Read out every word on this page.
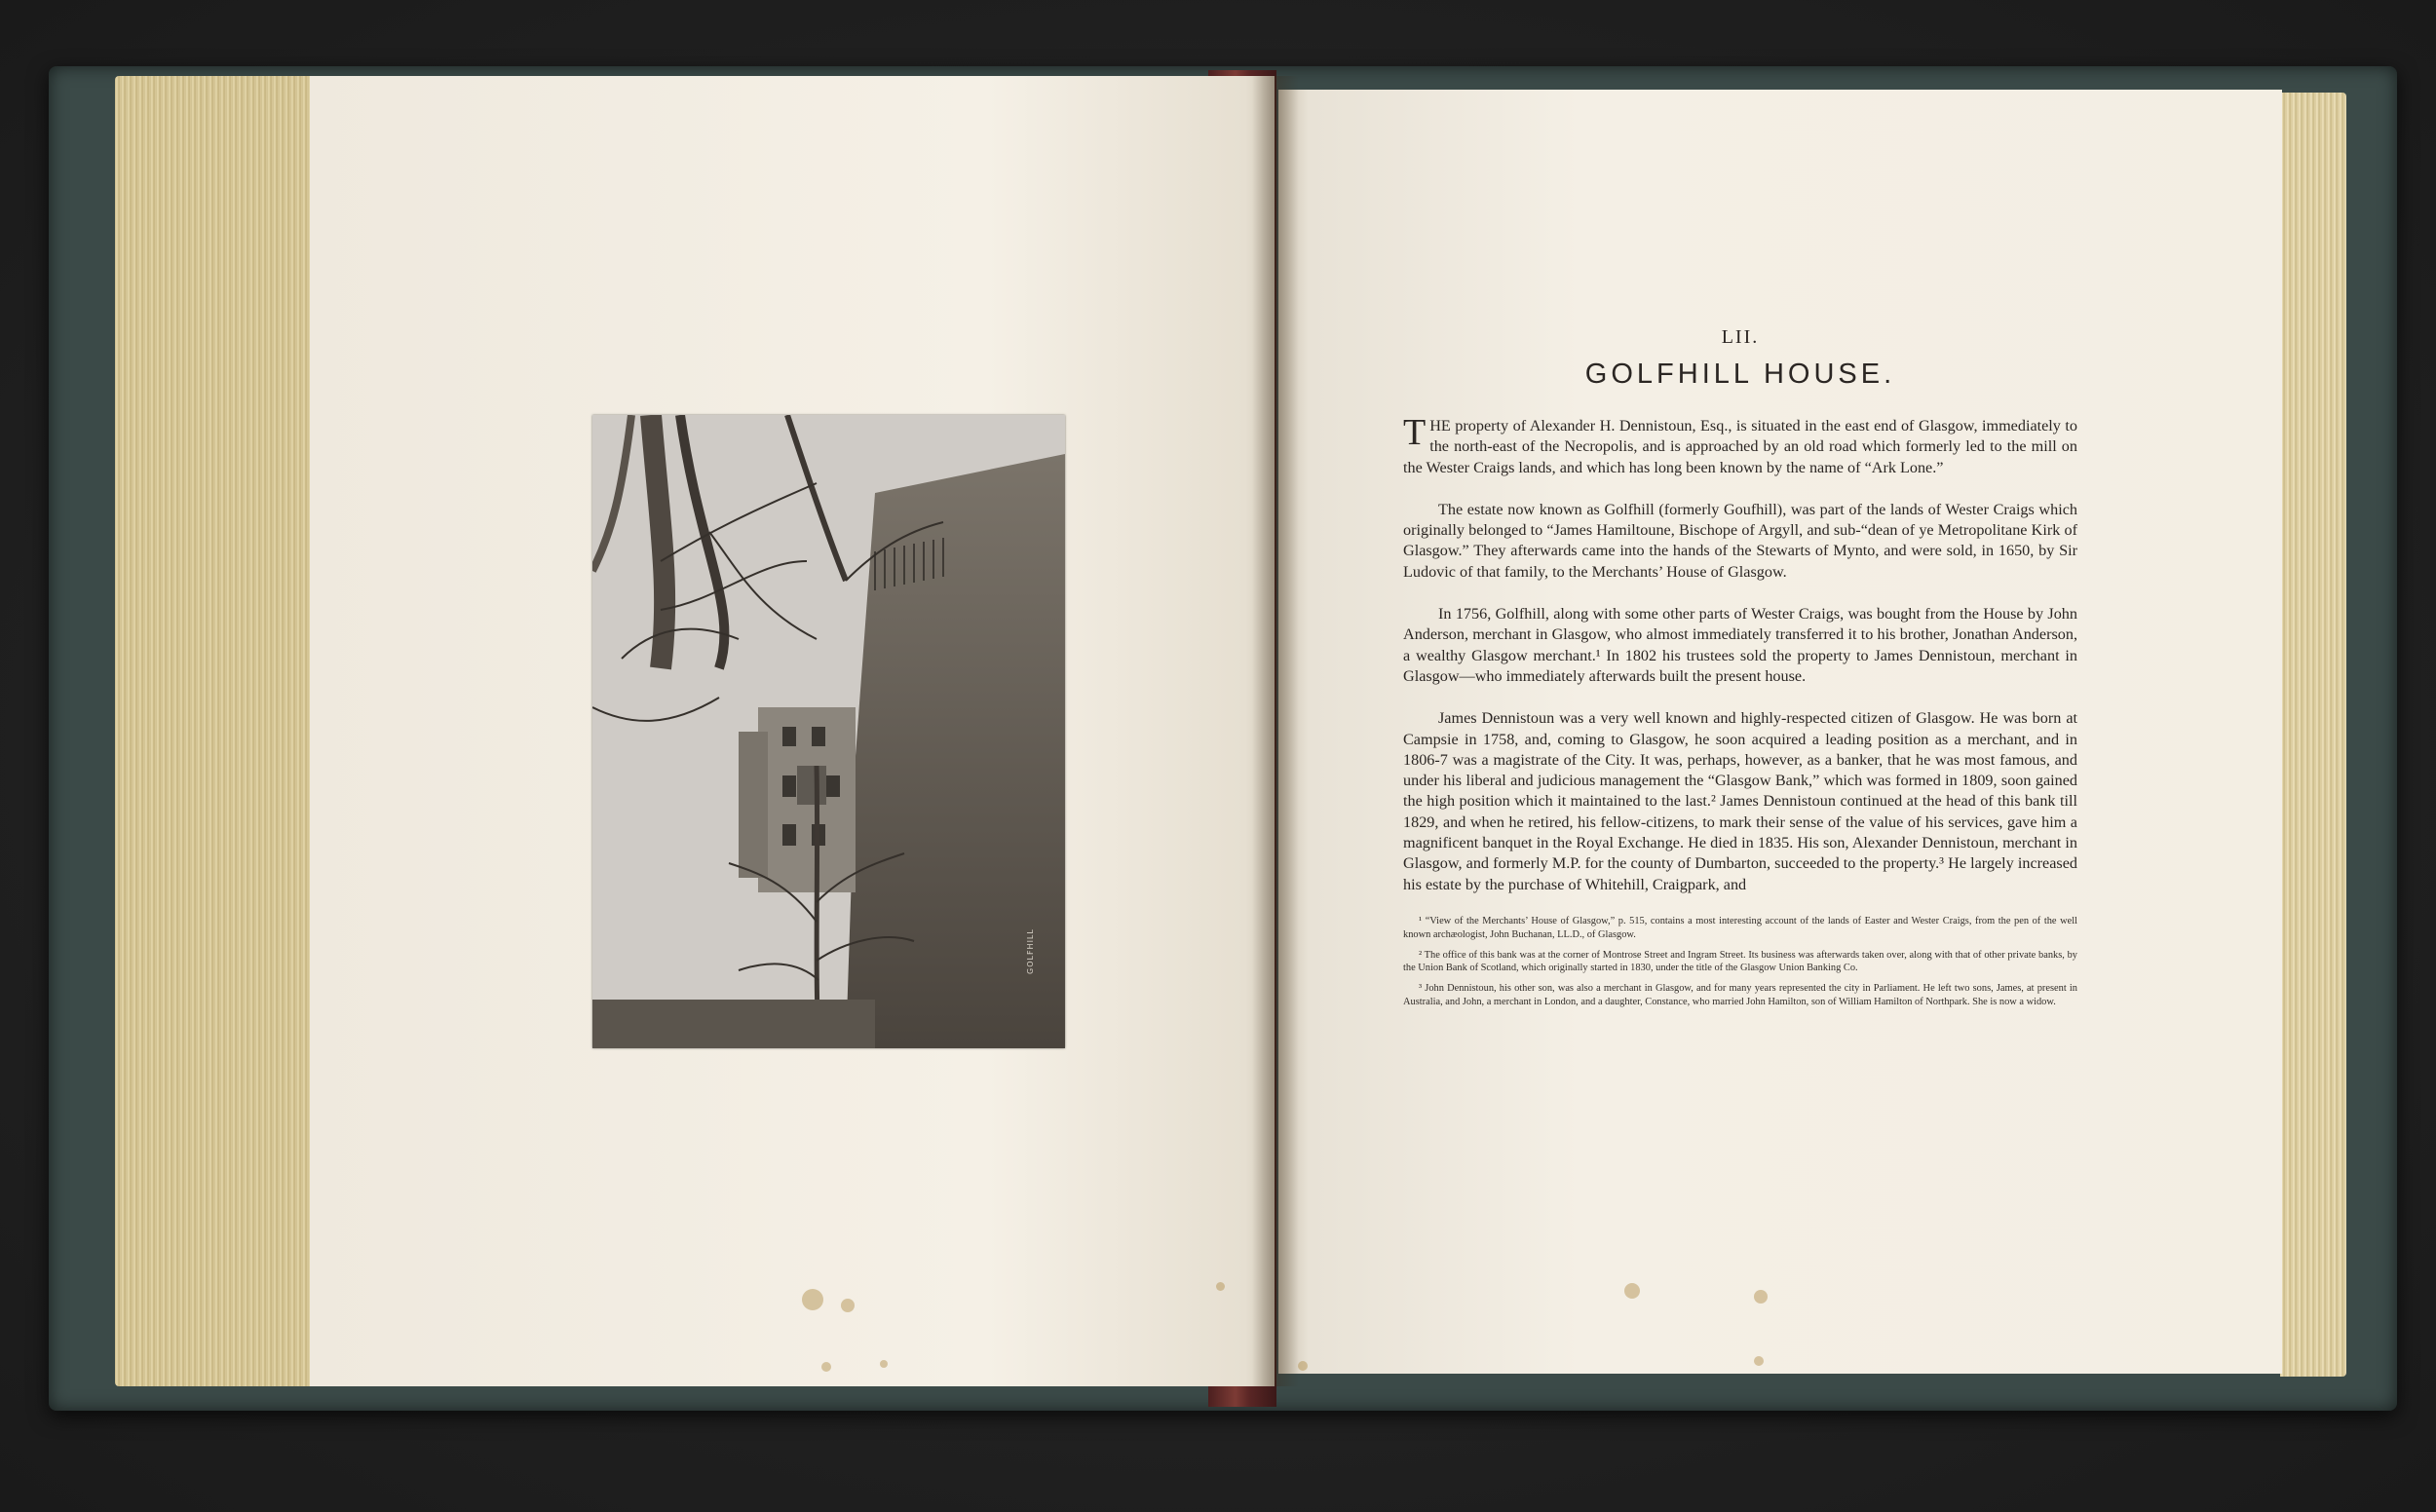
GOLFHILL

LII.

GOLFHILL HOUSE.

THE property of Alexander H. Dennistoun, Esq., is situated in the east end of Glasgow, immediately to the north-east of the Necropolis, and is approached by an old road which formerly led to the mill on the Wester Craigs lands, and which has long been known by the name of “Ark Lone.”

The estate now known as Golfhill (formerly Goufhill), was part of the lands of Wester Craigs which originally belonged to “James Hamiltoune, Bischope of Argyll, and sub-“dean of ye Metropolitane Kirk of Glasgow.” They afterwards came into the hands of the Stewarts of Mynto, and were sold, in 1650, by Sir Ludovic of that family, to the Merchants’ House of Glasgow.

In 1756, Golfhill, along with some other parts of Wester Craigs, was bought from the House by John Anderson, merchant in Glasgow, who almost immediately transferred it to his brother, Jonathan Anderson, a wealthy Glasgow merchant.¹ In 1802 his trustees sold the property to James Dennistoun, merchant in Glasgow—who immediately afterwards built the present house.

James Dennistoun was a very well known and highly-respected citizen of Glasgow. He was born at Campsie in 1758, and, coming to Glasgow, he soon acquired a leading position as a merchant, and in 1806-7 was a magistrate of the City. It was, perhaps, however, as a banker, that he was most famous, and under his liberal and judicious management the “Glasgow Bank,” which was formed in 1809, soon gained the high position which it maintained to the last.² James Dennistoun continued at the head of this bank till 1829, and when he retired, his fellow-citizens, to mark their sense of the value of his services, gave him a magnificent banquet in the Royal Exchange. He died in 1835. His son, Alexander Dennistoun, merchant in Glasgow, and formerly M.P. for the county of Dumbarton, succeeded to the property.³ He largely increased his estate by the purchase of Whitehill, Craigpark, and

¹ “View of the Merchants’ House of Glasgow,” p. 515, contains a most interesting account of the lands of Easter and Wester Craigs, from the pen of the well known archæologist, John Buchanan, LL.D., of Glasgow.

² The office of this bank was at the corner of Montrose Street and Ingram Street. Its business was afterwards taken over, along with that of other private banks, by the Union Bank of Scotland, which originally started in 1830, under the title of the Glasgow Union Banking Co.

³ John Dennistoun, his other son, was also a merchant in Glasgow, and for many years represented the city in Parliament. He left two sons, James, at present in Australia, and John, a merchant in London, and a daughter, Constance, who married John Hamilton, son of William Hamilton of Northpark. She is now a widow.
